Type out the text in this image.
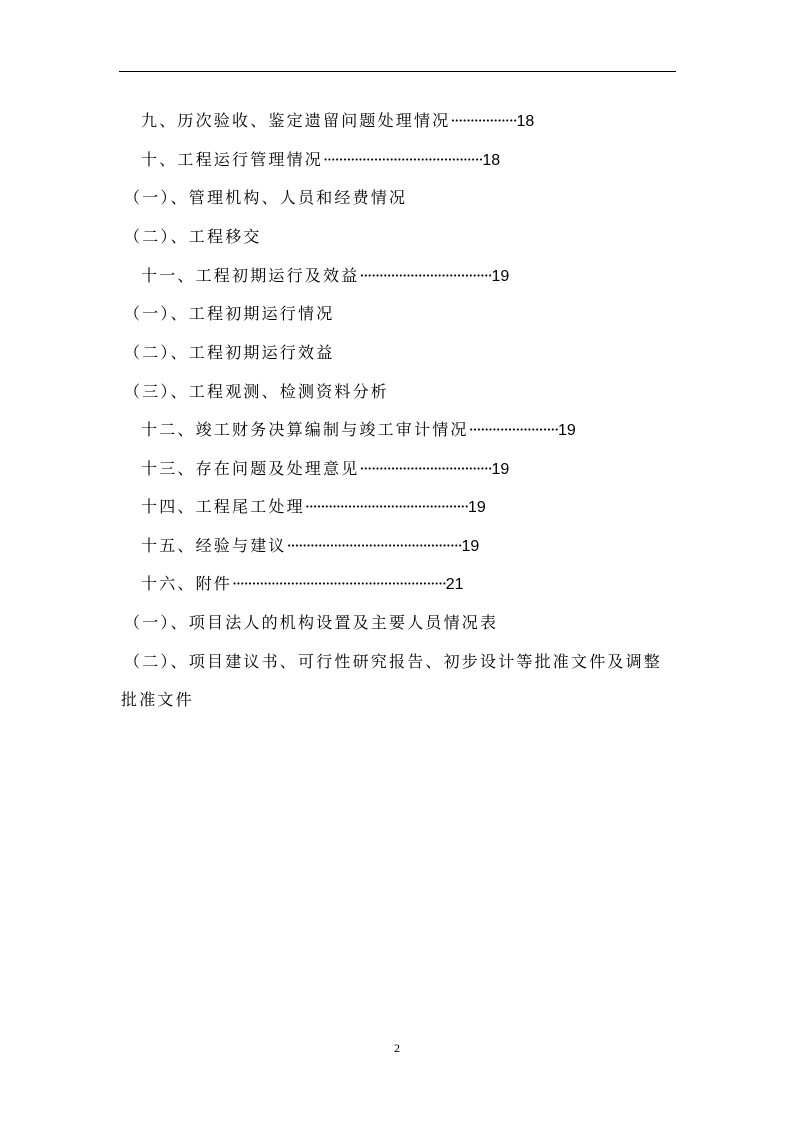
九、历次验收、鉴定遗留问题处理情况·················18
十、工程运行管理情况·········································18
（一）、管理机构、人员和经费情况
（二）、工程移交
十一、工程初期运行及效益··································19
（一）、工程初期运行情况
（二）、工程初期运行效益
（三）、工程观测、检测资料分析
十二、竣工财务决算编制与竣工审计情况·······················19
十三、存在问题及处理意见··································19
十四、工程尾工处理··········································19
十五、经验与建议·············································19
十六、附件·······················································21
（一）、项目法人的机构设置及主要人员情况表
（二）、项目建议书、可行性研究报告、初步设计等批准文件及调整
批准文件
2
